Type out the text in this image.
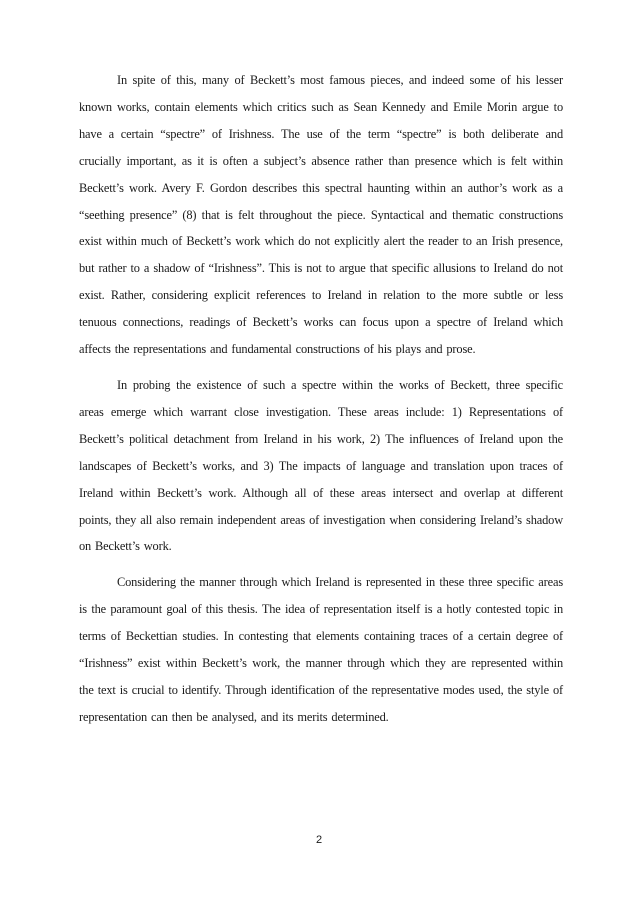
In spite of this, many of Beckett’s most famous pieces, and indeed some of his lesser known works, contain elements which critics such as Sean Kennedy and Emile Morin argue to have a certain “spectre” of Irishness. The use of the term “spectre” is both deliberate and crucially important, as it is often a subject’s absence rather than presence which is felt within Beckett’s work. Avery F. Gordon describes this spectral haunting within an author’s work as a “seething presence” (8) that is felt throughout the piece. Syntactical and thematic constructions exist within much of Beckett’s work which do not explicitly alert the reader to an Irish presence, but rather to a shadow of “Irishness”. This is not to argue that specific allusions to Ireland do not exist. Rather, considering explicit references to Ireland in relation to the more subtle or less tenuous connections, readings of Beckett’s works can focus upon a spectre of Ireland which affects the representations and fundamental constructions of his plays and prose.

In probing the existence of such a spectre within the works of Beckett, three specific areas emerge which warrant close investigation. These areas include: 1) Representations of Beckett’s political detachment from Ireland in his work, 2) The influences of Ireland upon the landscapes of Beckett’s works, and 3) The impacts of language and translation upon traces of Ireland within Beckett’s work. Although all of these areas intersect and overlap at different points, they all also remain independent areas of investigation when considering Ireland’s shadow on Beckett’s work.

Considering the manner through which Ireland is represented in these three specific areas is the paramount goal of this thesis. The idea of representation itself is a hotly contested topic in terms of Beckettian studies. In contesting that elements containing traces of a certain degree of “Irishness” exist within Beckett’s work, the manner through which they are represented within the text is crucial to identify. Through identification of the representative modes used, the style of representation can then be analysed, and its merits determined.

2
